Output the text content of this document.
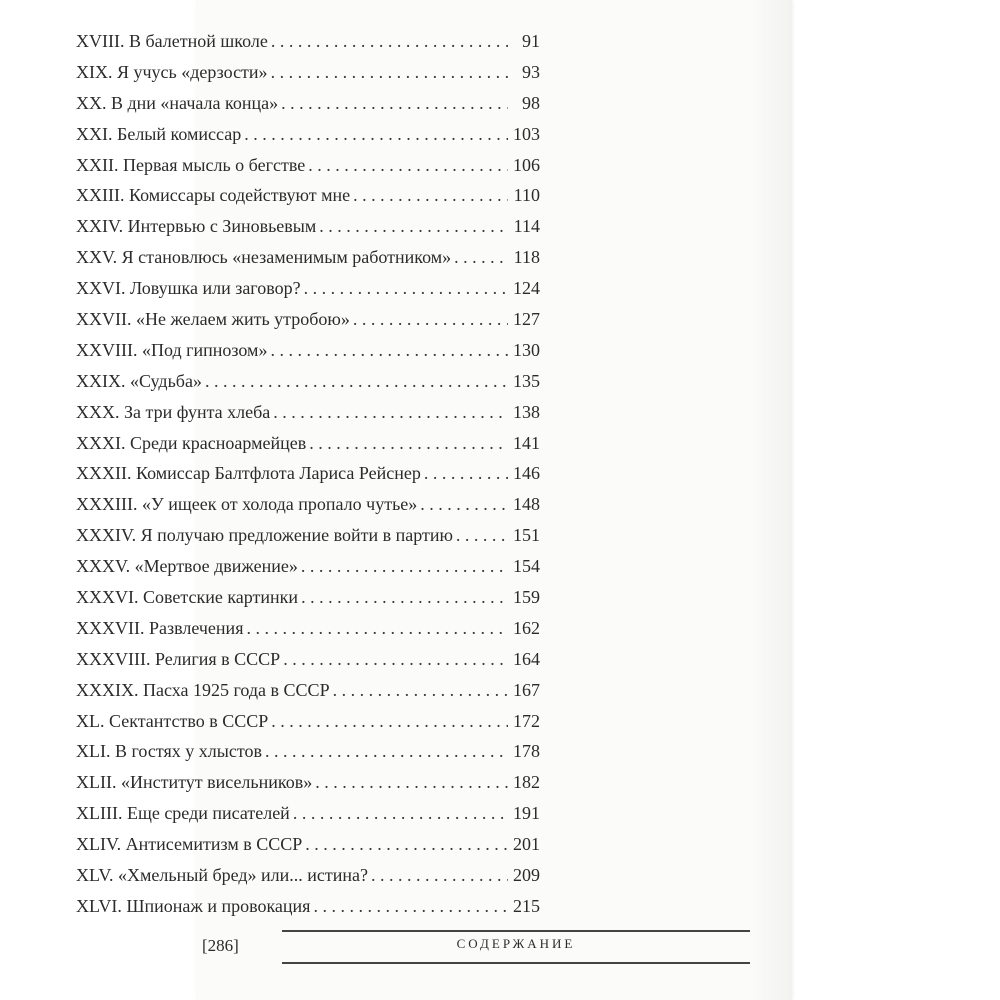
XVIII. В балетной школе . . .	91
XIX. Я учусь «дерзости» . . .	93
XX. В дни «начала конца» . . .	98
XXI. Белый комиссар . . .	103
XXII. Первая мысль о бегстве . . .	106
XXIII. Комиссары содействуют мне . . .	110
XXIV. Интервью с Зиновьевым . . .	114
XXV. Я становлюсь «незаменимым работником» . . .	118
XXVI. Ловушка или заговор? . . .	124
XXVII. «Не желаем жить утробою» . . .	127
XXVIII. «Под гипнозом» . . .	130
XXIX. «Судьба» . . .	135
XXX. За три фунта хлеба . . .	138
XXXI. Среди красноармейцев . . .	141
XXXII. Комиссар Балтфлота Лариса Рейснер . . .	146
XXXIII. «У ищеек от холода пропало чутье» . . .	148
XXXIV. Я получаю предложение войти в партию . . .	151
XXXV. «Мертвое движение» . . .	154
XXXVI. Советские картинки . . .	159
XXXVII. Развлечения . . .	162
XXXVIII. Религия в СССР . . .	164
XXXIX. Пасха 1925 года в СССР . . .	167
XL. Сектантство в СССР . . .	172
XLI. В гостях у хлыстов . . .	178
XLII. «Институт висельников» . . .	182
XLIII. Еще среди писателей . . .	191
XLIV. Антисемитизм в СССР . . .	201
XLV. «Хмельный бред» или... истина? . . .	209
XLVI. Шпионаж и провокация . . .	215
[286]	СОДЕРЖАНИЕ
